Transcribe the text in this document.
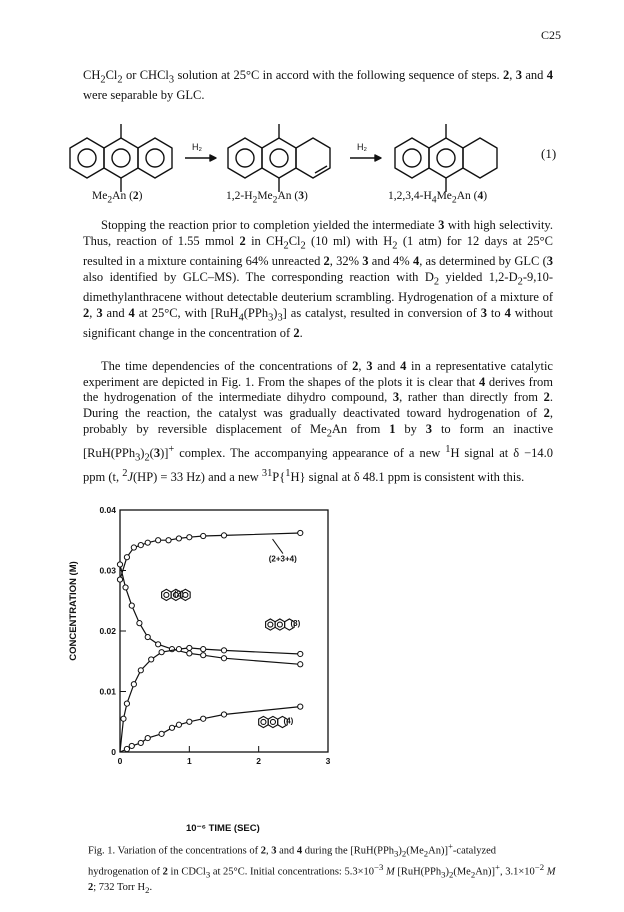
C25

$CH_2Cl_2$ or CHCl$_3$ solution at 25°C in accord with the following sequence of steps. 2, 3 and 4 were separable by GLC.

H₂	H₂	(1)
$Me_2An$ (2)	$1,2-H_2Me_2An$ (3)	$1,2,3,4-H_4Me_2An$ (4)

Stopping the reaction prior to completion yielded the intermediate 3 with high selectivity. Thus, reaction of 1.55 mmol 2 in $CH_2Cl_2$ (10 ml) with $H_2$ (1 atm) for 12 days at 25°C resulted in a mixture containing 64% unreacted 2, 32% 3 and 4% 4, as determined by GLC (3 also identified by GLC–MS). The corresponding reaction with $D_2$ yielded $1,2-D_2-9,10$-dimethylanthracene without detectable deuterium scrambling. Hydrogenation of a mixture of 2, 3 and 4 at 25°C, with $[RuH_4(PPh_3)_3]$ as catalyst, resulted in conversion of 3 to 4 without significant change in the concentration of 2.

The time dependencies of the concentrations of 2, 3 and 4 in a representative catalytic experiment are depicted in Fig. 1. From the shapes of the plots it is clear that 4 derives from the hydrogenation of the intermediate dihydro compound, 3, rather than directly from 2. During the reaction, the catalyst was gradually deactivated toward hydrogenation of 2, probably by reversible displacement of $Me_2An$ from 1 by 3 to form an inactive $[RuH(PPh_3)_2(3)]^+$ complex. The accompanying appearance of a new $^1$H signal at δ −14.0 ppm (t, $^2$J(HP) = 33 Hz) and a new $^{31}$P{$^1$H} signal at δ 48.1 ppm is consistent with this.

0
0.01
0.02
0.03
0.04
0	1	2	3
(2+3+4)
(2)
(3)
(4)
CONCENTRATION (M)
10⁻⁶ TIME (SEC)

Fig. 1. Variation of the concentrations of 2, 3 and 4 during the $[RuH(PPh_3)_2(Me_2An)]^+$-catalyzed hydrogenation of 2 in CDCl$_3$ at 25°C. Initial concentrations: $5.3\times 10^{-3}$ M $[RuH(PPh_3)_2(Me_2An)]^+$, $3.1\times 10^{-2}$ M 2; 732 Torr $H_2$.
